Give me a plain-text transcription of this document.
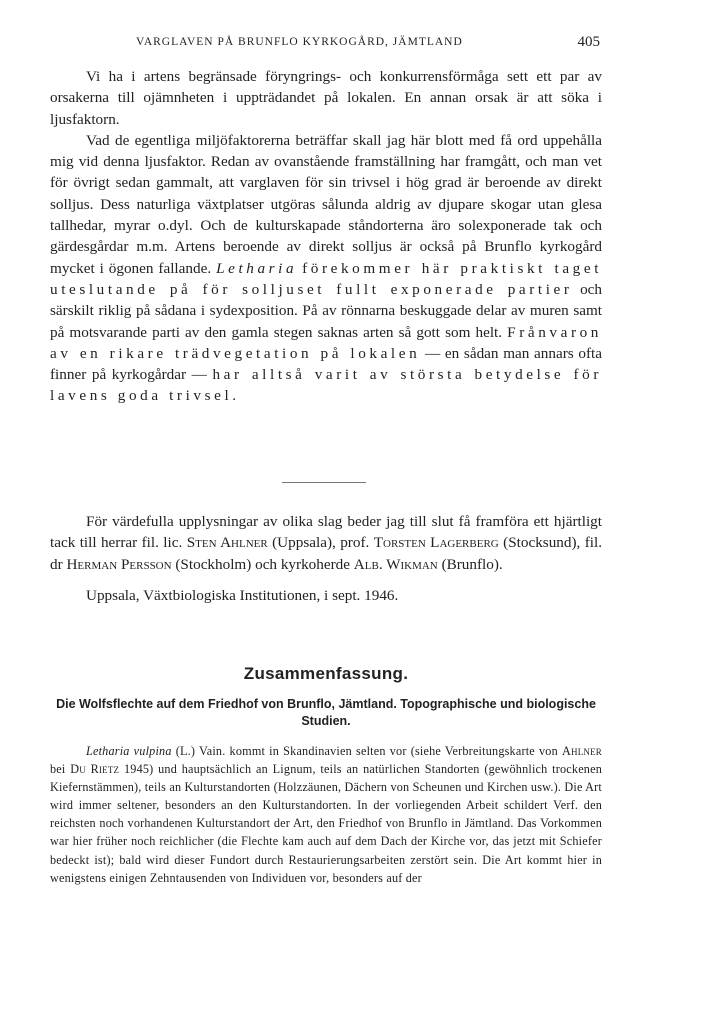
VARGLAVEN PÅ BRUNFLO KYRKOGÅRD, JÄMTLAND	405

Vi ha i artens begränsade föryngrings- och konkurrensförmåga sett ett par av orsakerna till ojämnheten i uppträdandet på lokalen. En annan orsak är att söka i ljusfaktorn.

Vad de egentliga miljöfaktorerna beträffar skall jag här blott med få ord uppehålla mig vid denna ljusfaktor. Redan av ovanstående framställning har framgått, och man vet för övrigt sedan gammalt, att varglaven för sin trivsel i hög grad är beroende av direkt solljus. Dess naturliga växtplatser utgöras sålunda aldrig av djupare skogar utan glesa tallhedar, myrar o.dyl. Och de kulturskapade ståndorterna äro solexponerade tak och gärdesgårdar m.m. Artens beroende av direkt solljus är också på Brunflo kyrkogård mycket i ögonen fallande. Letharia förekommer här praktiskt taget uteslutande på för solljuset fullt exponerade partier och särskilt riklig på sådana i sydexposition. På av rönnarna beskuggade delar av muren samt på motsvarande parti av den gamla stegen saknas arten så gott som helt. Frånvaron av en rikare trädvegetation på lokalen — en sådan man annars ofta finner på kyrkogårdar — har alltså varit av största betydelse för lavens goda trivsel.

För värdefulla upplysningar av olika slag beder jag till slut få framföra ett hjärtligt tack till herrar fil. lic. Sten Ahlner (Uppsala), prof. Torsten Lagerberg (Stocksund), fil. dr Herman Persson (Stockholm) och kyrkoherde Alb. Wikman (Brunflo).

Uppsala, Växtbiologiska Institutionen, i sept. 1946.

Zusammenfassung.
Die Wolfsflechte auf dem Friedhof von Brunflo, Jämtland. Topographische und biologische Studien.

Letharia vulpina (L.) Vain. kommt in Skandinavien selten vor (siehe Verbreitungskarte von Ahlner bei Du Rietz 1945) und hauptsächlich an Lignum, teils an natürlichen Standorten (gewöhnlich trockenen Kiefernstämmen), teils an Kulturstandorten (Holzzäunen, Dächern von Scheunen und Kirchen usw.). Die Art wird immer seltener, besonders an den Kulturstandorten. In der vorliegenden Arbeit schildert Verf. den reichsten noch vorhandenen Kulturstandort der Art, den Friedhof von Brunflo in Jämtland. Das Vorkommen war hier früher noch reichlicher (die Flechte kam auch auf dem Dach der Kirche vor, das jetzt mit Schiefer bedeckt ist); bald wird dieser Fundort durch Restaurierungsarbeiten zerstört sein. Die Art kommt hier in wenigstens einigen Zehntausenden von Individuen vor, besonders auf der
